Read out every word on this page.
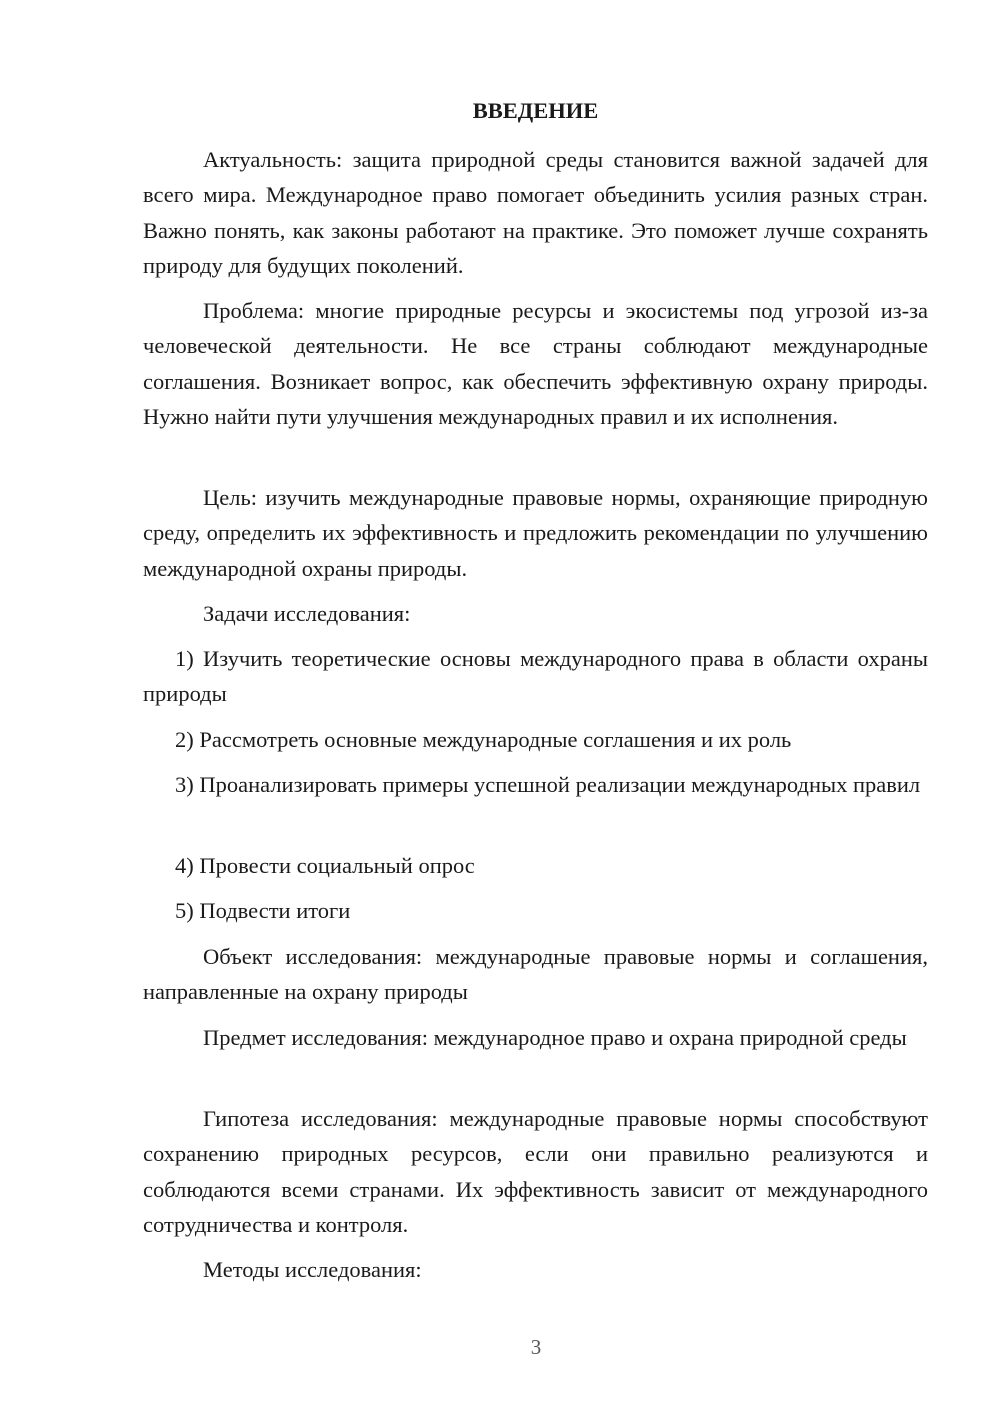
ВВЕДЕНИЕ

Актуальность: защита природной среды становится важной задачей для всего мира. Международное право помогает объединить усилия разных стран. Важно понять, как законы работают на практике. Это поможет лучше сохранять природу для будущих поколений.

Проблема: многие природные ресурсы и экосистемы под угрозой из-за человеческой деятельности. Не все страны соблюдают международные соглашения. Возникает вопрос, как обеспечить эффективную охрану природы. Нужно найти пути улучшения международных правил и их исполнения.

Цель: изучить международные правовые нормы, охраняющие природную среду, определить их эффективность и предложить рекомендации по улучшению международной охраны природы.

Задачи исследования:

1) Изучить теоретические основы международного права в области охраны природы

2) Рассмотреть основные международные соглашения и их роль

3) Проанализировать примеры успешной реализации международных правил

4) Провести социальный опрос

5) Подвести итоги

Объект исследования: международные правовые нормы и соглашения, направленные на охрану природы

Предмет исследования: международное право и охрана природной среды

Гипотеза исследования: международные правовые нормы способствуют сохранению природных ресурсов, если они правильно реализуются и соблюдаются всеми странами. Их эффективность зависит от международного сотрудничества и контроля.

Методы исследования:

3
